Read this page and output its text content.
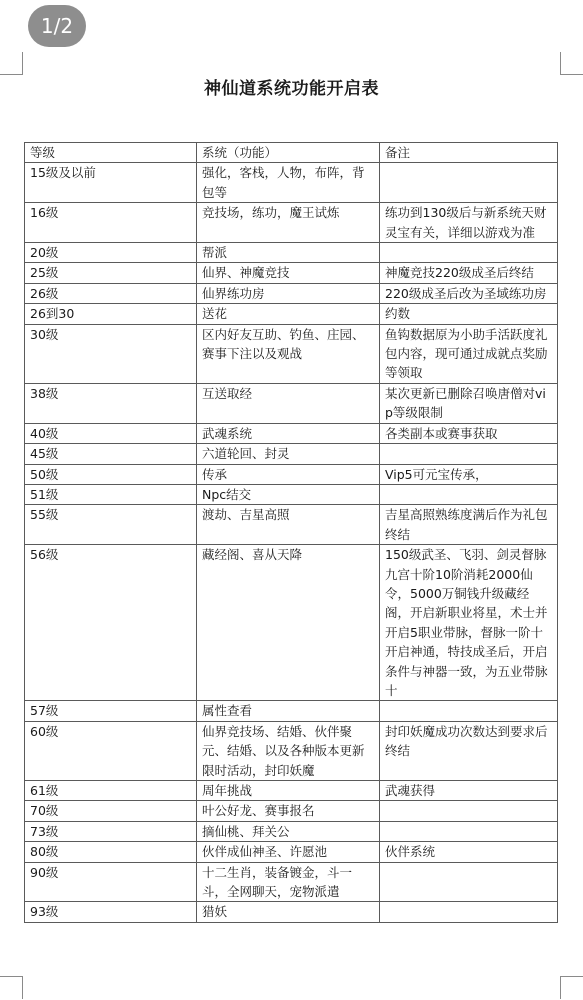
1/2
神仙道系统功能开启表
等级	系统（功能）	备注
15级及以前	强化，客栈，人物，布阵，背包等	
16级	竞技场，练功，魔王试炼	练功到130级后与新系统天财灵宝有关，详细以游戏为准
20级	帮派	
25级	仙界、神魔竞技	神魔竞技220级成圣后终结
26级	仙界练功房	220级成圣后改为圣域练功房
26到30	送花	约数
30级	区内好友互助、钓鱼、庄园、赛事下注以及观战	鱼钩数据原为小助手活跃度礼包内容，现可通过成就点奖励等领取
38级	互送取经	某次更新已删除召唤唐僧对vip等级限制
40级	武魂系统	各类副本或赛事获取
45级	六道轮回、封灵	
50级	传承	Vip5可元宝传承，
51级	Npc结交	
55级	渡劫、吉星高照	吉星高照熟练度满后作为礼包终结
56级	藏经阁、喜从天降	150级武圣、飞羽、剑灵督脉九宫十阶10阶消耗2000仙令，5000万铜钱升级藏经阁，开启新职业将星，术士并开启5职业带脉，督脉一阶十开启神通，特技成圣后，开启条件与神器一致，为五业带脉十
57级	属性查看	
60级	仙界竞技场、结婚、伙伴聚元、结婚、以及各种版本更新限时活动，封印妖魔	封印妖魔成功次数达到要求后终结
61级	周年挑战	武魂获得
70级	叶公好龙、赛事报名	
73级	摘仙桃、拜关公	
80级	伙伴成仙神圣、许愿池	伙伴系统
90级	十二生肖，装备镀金，斗一斗，全网聊天，宠物派遣	
93级	猎妖	
